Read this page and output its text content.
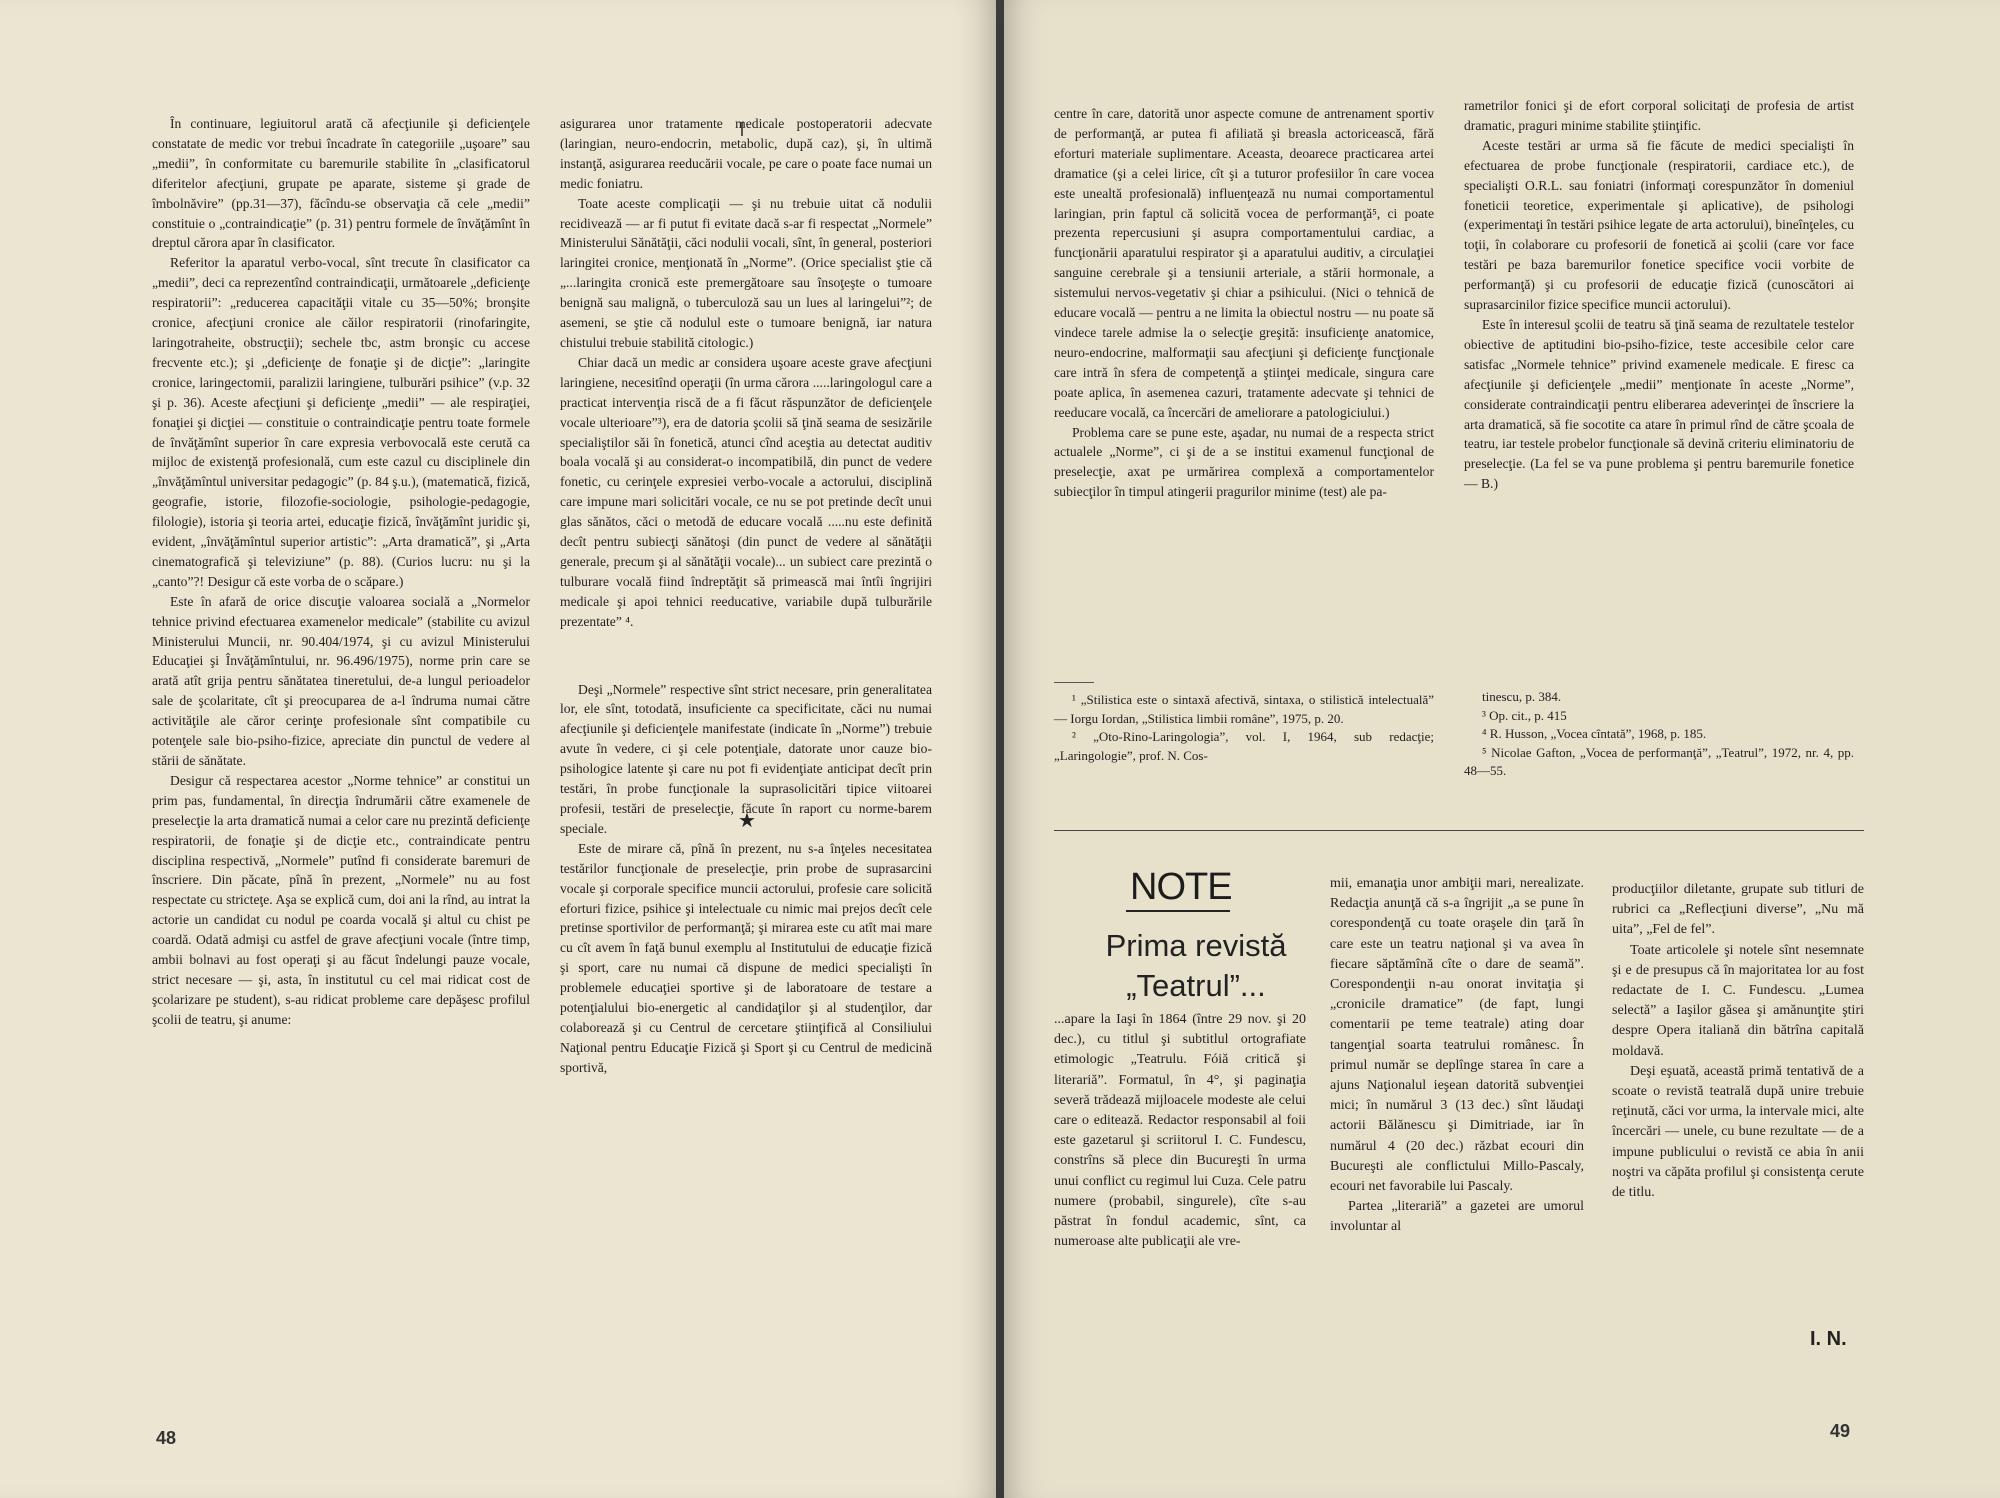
În continuare, legiuitorul arată că afecţiunile şi deficienţele constatate de medic vor trebui încadrate în categoriile „uşoare” sau „medii”, în conformitate cu baremurile stabilite în „clasificatorul diferitelor afecţiuni, grupate pe aparate, sisteme şi grade de îmbolnăvire” (pp.31—37), făcîndu-se observaţia că cele „medii” constituie o „contraindicaţie” (p. 31) pentru formele de învăţămînt în dreptul cărora apar în clasificator.

Referitor la aparatul verbo-vocal, sînt trecute în clasificator ca „medii”, deci ca reprezentînd contraindicaţii, următoarele „deficienţe respiratorii”: „reducerea capacităţii vitale cu 35—50%; bronşite cronice, afecţiuni cronice ale căilor respiratorii (rinofaringite, laringotraheite, obstrucţii); sechele tbc, astm bronşic cu accese frecvente etc.); şi „deficienţe de fonaţie şi de dicţie”: „laringite cronice, laringectomii, paralizii laringiene, tulburări psihice” (v.p. 32 şi p. 36). Aceste afecţiuni şi deficienţe „medii” — ale respiraţiei, fonaţiei şi dicţiei — constituie o contraindicaţie pentru toate formele de învăţămînt superior în care expresia verbovocală este cerută ca mijloc de existenţă profesională, cum este cazul cu disciplinele din „învăţămîntul universitar pedagogic” (p. 84 ş.u.), (matematică, fizică, geografie, istorie, filozofie-sociologie, psihologie-pedagogie, filologie), istoria şi teoria artei, educaţie fizică, învăţămînt juridic şi, evident, „învăţămîntul superior artistic”: „Arta dramatică”, şi „Arta cinematografică şi televiziune” (p. 88). (Curios lucru: nu şi la „canto”?! Desigur că este vorba de o scăpare.)

Este în afară de orice discuţie valoarea socială a „Normelor tehnice privind efectuarea examenelor medicale” (stabilite cu avizul Ministerului Muncii, nr. 90.404/1974, şi cu avizul Ministerului Educaţiei şi Învăţămîntului, nr. 96.496/1975), norme prin care se arată atît grija pentru sănătatea tineretului, de-a lungul perioadelor sale de şcolaritate, cît şi preocuparea de a-l îndruma numai către activităţile ale căror cerinţe profesionale sînt compatibile cu potenţele sale bio-psiho-fizice, apreciate din punctul de vedere al stării de sănătate.

Desigur că respectarea acestor „Norme tehnice” ar constitui un prim pas, fundamental, în direcţia îndrumării către examenele de preselecţie la arta dramatică numai a celor care nu prezintă deficienţe respiratorii, de fonaţie şi de dicţie etc., contraindicate pentru disciplina respectivă, „Normele” putînd fi considerate baremuri de înscriere. Din păcate, pînă în prezent, „Normele” nu au fost respectate cu stricteţe. Aşa se explică cum, doi ani la rînd, au intrat la actorie un candidat cu nodul pe coarda vocală şi altul cu chist pe coardă. Odată admişi cu astfel de grave afecţiuni vocale (între timp, ambii bolnavi au fost operaţi şi au făcut îndelungi pauze vocale, strict necesare — şi, asta, în institutul cu cel mai ridicat cost de şcolarizare pe student), s-au ridicat probleme care depăşesc profilul şcolii de teatru, şi anume:

asigurarea unor tratamente medicale postoperatorii adecvate (laringian, neuro-endocrin, metabolic, după caz), şi, în ultimă instanţă, asigurarea reeducării vocale, pe care o poate face numai un medic foniatru.

Toate aceste complicaţii — şi nu trebuie uitat că nodulii recidivează — ar fi putut fi evitate dacă s-ar fi respectat „Normele” Ministerului Sănătăţii, căci nodulii vocali, sînt, în general, posteriori laringitei cronice, menţionată în „Norme”. (Orice specialist ştie că „...laringita cronică este premergătoare sau însoţeşte o tumoare benignă sau malignă, o tuberculoză sau un lues al laringelui”²; de asemeni, se ştie că nodulul este o tumoare benignă, iar natura chistului trebuie stabilită citologic.)

Chiar dacă un medic ar considera uşoare aceste grave afecţiuni laringiene, necesitînd operaţii (în urma cărora .....laringologul care a practicat intervenţia riscă de a fi făcut răspunzător de deficienţele vocale ulterioare”³), era de datoria şcolii să ţină seama de sesizările specialiştilor săi în fonetică, atunci cînd aceştia au detectat auditiv boala vocală şi au considerat-o incompatibilă, din punct de vedere fonetic, cu cerinţele expresiei verbo-vocale a actorului, disciplină care impune mari solicitări vocale, ce nu se pot pretinde decît unui glas sănătos, căci o metodă de educare vocală .....nu este definită decît pentru subiecţi sănătoşi (din punct de vedere al sănătăţii generale, precum şi al sănătăţii vocale)... un subiect care prezintă o tulburare vocală fiind îndreptăţit să primească mai întîi îngrijiri medicale şi apoi tehnici reeducative, variabile după tulburările prezentate” ⁴.

Deşi „Normele” respective sînt strict necesare, prin generalitatea lor, ele sînt, totodată, insuficiente ca specificitate, căci nu numai afecţiunile şi deficienţele manifestate (indicate în „Norme”) trebuie avute în vedere, ci şi cele potenţiale, datorate unor cauze bio-psihologice latente şi care nu pot fi evidenţiate anticipat decît prin testări, în probe funcţionale la suprasolicitări tipice viitoarei profesii, testări de preselecţie, făcute în raport cu norme-barem speciale.

Este de mirare că, pînă în prezent, nu s-a înţeles necesitatea testărilor funcţionale de preselecţie, prin probe de suprasarcini vocale şi corporale specifice muncii actorului, profesie care solicită eforturi fizice, psihice şi intelectuale cu nimic mai prejos decît cele pretinse sportivilor de performanţă; şi mirarea este cu atît mai mare cu cît avem în faţă bunul exemplu al Institutului de educaţie fizică şi sport, care nu numai că dispune de medici specialişti în problemele educaţiei sportive şi de laboratoare de testare a potenţialului bio-energetic al candidaţilor şi al studenţilor, dar colaborează şi cu Centrul de cercetare ştiinţifică al Consiliului Naţional pentru Educaţie Fizică şi Sport şi cu Centrul de medicină sportivă,

★
48

centre în care, datorită unor aspecte comune de antrenament sportiv de performanţă, ar putea fi afiliată şi breasla actoricească, fără eforturi materiale suplimentare. Aceasta, deoarece practicarea artei dramatice (şi a celei lirice, cît şi a tuturor profesiilor în care vocea este unealtă profesională) influenţează nu numai comportamentul laringian, prin faptul că solicită vocea de performanţă⁵, ci poate prezenta repercusiuni şi asupra comportamentului cardiac, a funcţionării aparatului respirator şi a aparatului auditiv, a circulaţiei sanguine cerebrale şi a tensiunii arteriale, a stării hormonale, a sistemului nervos-vegetativ şi chiar a psihicului. (Nici o tehnică de educare vocală — pentru a ne limita la obiectul nostru — nu poate să vindece tarele admise la o selecţie greşită: insuficienţe anatomice, neuro-endocrine, malformaţii sau afecţiuni şi deficienţe funcţionale care intră în sfera de competenţă a ştiinţei medicale, singura care poate aplica, în asemenea cazuri, tratamente adecvate şi tehnici de reeducare vocală, ca încercări de ameliorare a patologiciului.)

Problema care se pune este, aşadar, nu numai de a respecta strict actualele „Norme”, ci şi de a se institui examenul funcţional de preselecţie, axat pe urmărirea complexă a comportamentelor subiecţilor în timpul atingerii pragurilor minime (test) ale pa-

rametrilor fonici şi de efort corporal solicitaţi de profesia de artist dramatic, praguri minime stabilite ştiinţific.

Aceste testări ar urma să fie făcute de medici specialişti în efectuarea de probe funcţionale (respiratorii, cardiace etc.), de specialişti O.R.L. sau foniatri (informaţi corespunzător în domeniul foneticii teoretice, experimentale şi aplicative), de psihologi (experimentaţi în testări psihice legate de arta actorului), bineînţeles, cu toţii, în colaborare cu profesorii de fonetică ai şcolii (care vor face testări pe baza baremurilor fonetice specifice vocii vorbite de performanţă) şi cu profesorii de educaţie fizică (cunoscători ai suprasarcinilor fizice specifice muncii actorului).

Este în interesul şcolii de teatru să ţină seama de rezultatele testelor obiective de aptitudini bio-psiho-fizice, teste accesibile celor care satisfac „Normele tehnice” privind examenele medicale. E firesc ca afecţiunile şi deficienţele „medii” menţionate în aceste „Norme”, considerate contraindicaţii pentru eliberarea adeverinţei de înscriere la arta dramatică, să fie socotite ca atare în primul rînd de către şcoala de teatru, iar testele probelor funcţionale să devină criteriu eliminatoriu de preselecţie. (La fel se va pune problema şi pentru baremurile fonetice — B.)

¹ „Stilistica este o sintaxă afectivă, sintaxa, o stilistică intelectuală” — Iorgu Iordan, „Stilistica limbii române”, 1975, p. 20.

² „Oto-Rino-Laringologia”, vol. I, 1964, sub redacţie; „Laringologie”, prof. N. Cos-

tinescu, p. 384.

³ Op. cit., p. 415

⁴ R. Husson, „Vocea cîntată”, 1968, p. 185.

⁵ Nicolae Gafton, „Vocea de performanţă”, „Teatrul”, 1972, nr. 4, pp. 48—55.

NOTE
Prima revistă
„Teatrul”...

...apare la Iaşi în 1864 (între 29 nov. şi 20 dec.), cu titlul şi subtitlul ortografiate etimologic „Teatrulu. Fóiă critică şi literariă”. Formatul, în 4°, şi paginaţia severă trădează mijloacele modeste ale celui care o editează. Redactor responsabil al foii este gazetarul şi scriitorul I. C. Fundescu, constrîns să plece din Bucureşti în urma unui conflict cu regimul lui Cuza. Cele patru numere (probabil, singurele), cîte s-au păstrat în fondul academic, sînt, ca numeroase alte publicaţii ale vre-

mii, emanaţia unor ambiţii mari, nerealizate. Redacţia anunţă că s-a îngrijit „a se pune în corespondenţă cu toate oraşele din ţară în care este un teatru naţional şi va avea în fiecare săptămînă cîte o dare de seamă”. Corespondenţii n-au onorat invitaţia şi „cronicile dramatice” (de fapt, lungi comentarii pe teme teatrale) ating doar tangenţial soarta teatrului românesc. În primul număr se deplînge starea în care a ajuns Naţionalul ieşean datorită subvenţiei mici; în numărul 3 (13 dec.) sînt lăudaţi actorii Bălănescu şi Dimitriade, iar în numărul 4 (20 dec.) răzbat ecouri din Bucureşti ale conflictului Millo-Pascaly, ecouri net favorabile lui Pascaly.

Partea „literariă” a gazetei are umorul involuntar al

producţiilor diletante, grupate sub titluri de rubrici ca „Reflecţiuni diverse”, „Nu mă uita”, „Fel de fel”.

Toate articolele şi notele sînt nesemnate şi e de presupus că în majoritatea lor au fost redactate de I. C. Fundescu. „Lumea selectă” a Iaşilor găsea şi amănunţite ştiri despre Opera italiană din bătrîna capitală moldavă.

Deşi eşuată, această primă tentativă de a scoate o revistă teatrală după unire trebuie reţinută, căci vor urma, la intervale mici, alte încercări — unele, cu bune rezultate — de a impune publicului o revistă ce abia în anii noştri va căpăta profilul şi consistenţa cerute de titlu.

I. N.
49
